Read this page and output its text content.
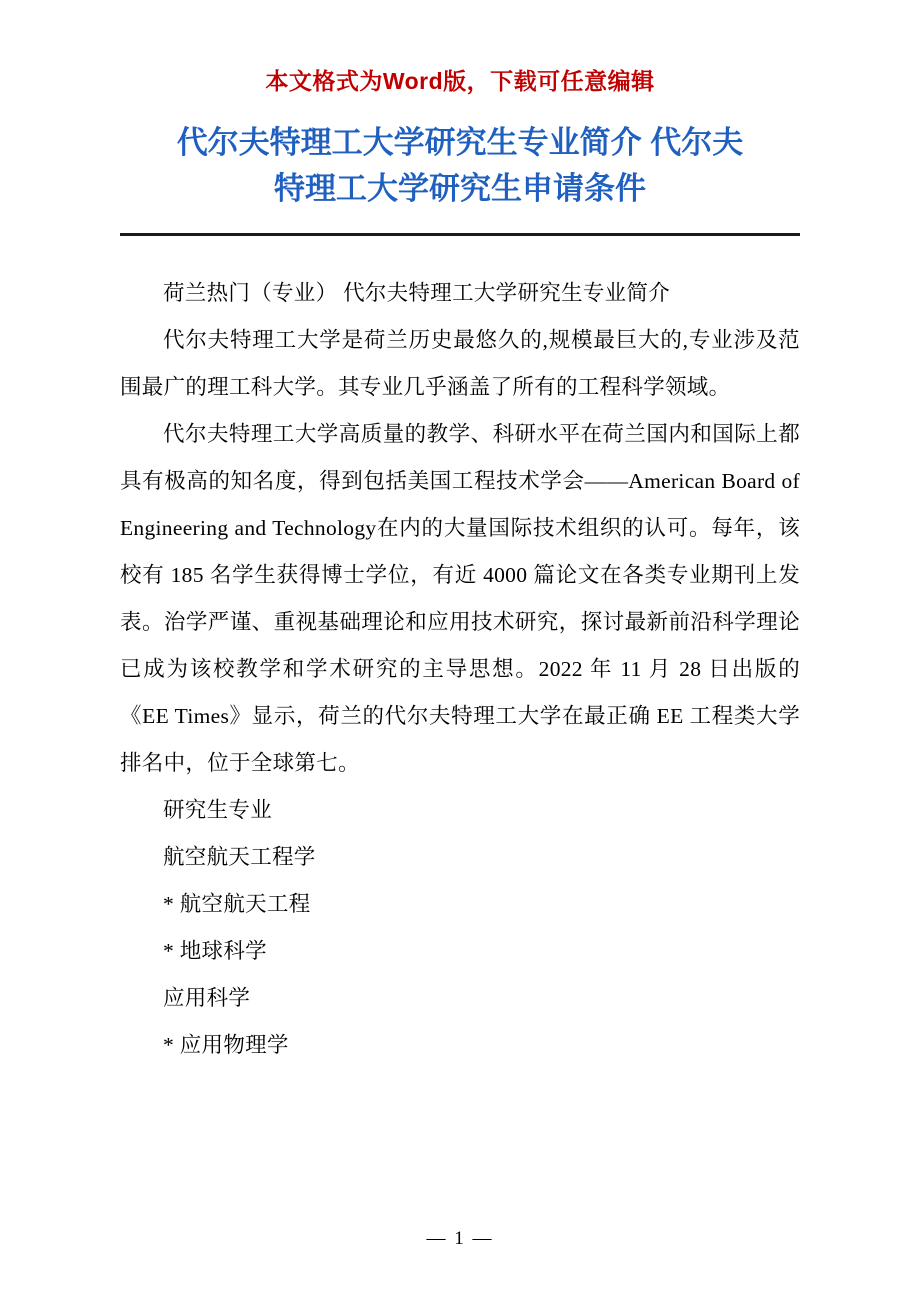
本文格式为Word版，下载可任意编辑
代尔夫特理工大学研究生专业简介 代尔夫
特理工大学研究生申请条件

荷兰热门（专业） 代尔夫特理工大学研究生专业简介

代尔夫特理工大学是荷兰历史最悠久的,规模最巨大的,专业涉及范围最广的理工科大学。其专业几乎涵盖了所有的工程科学领域。

代尔夫特理工大学高质量的教学、科研水平在荷兰国内和国际上都具有极高的知名度，得到包括美国工程技术学会——American Board of Engineering and Technology在内的大量国际技术组织的认可。每年，该校有 185 名学生获得博士学位，有近 4000 篇论文在各类专业期刊上发表。治学严谨、重视基础理论和应用技术研究，探讨最新前沿科学理论已成为该校教学和学术研究的主导思想。2022 年 11 月 28 日出版的《EE Times》显示，荷兰的代尔夫特理工大学在最正确 EE 工程类大学排名中，位于全球第七。

研究生专业

航空航天工程学

* 航空航天工程

* 地球科学

应用科学

* 应用物理学

— 1 —
